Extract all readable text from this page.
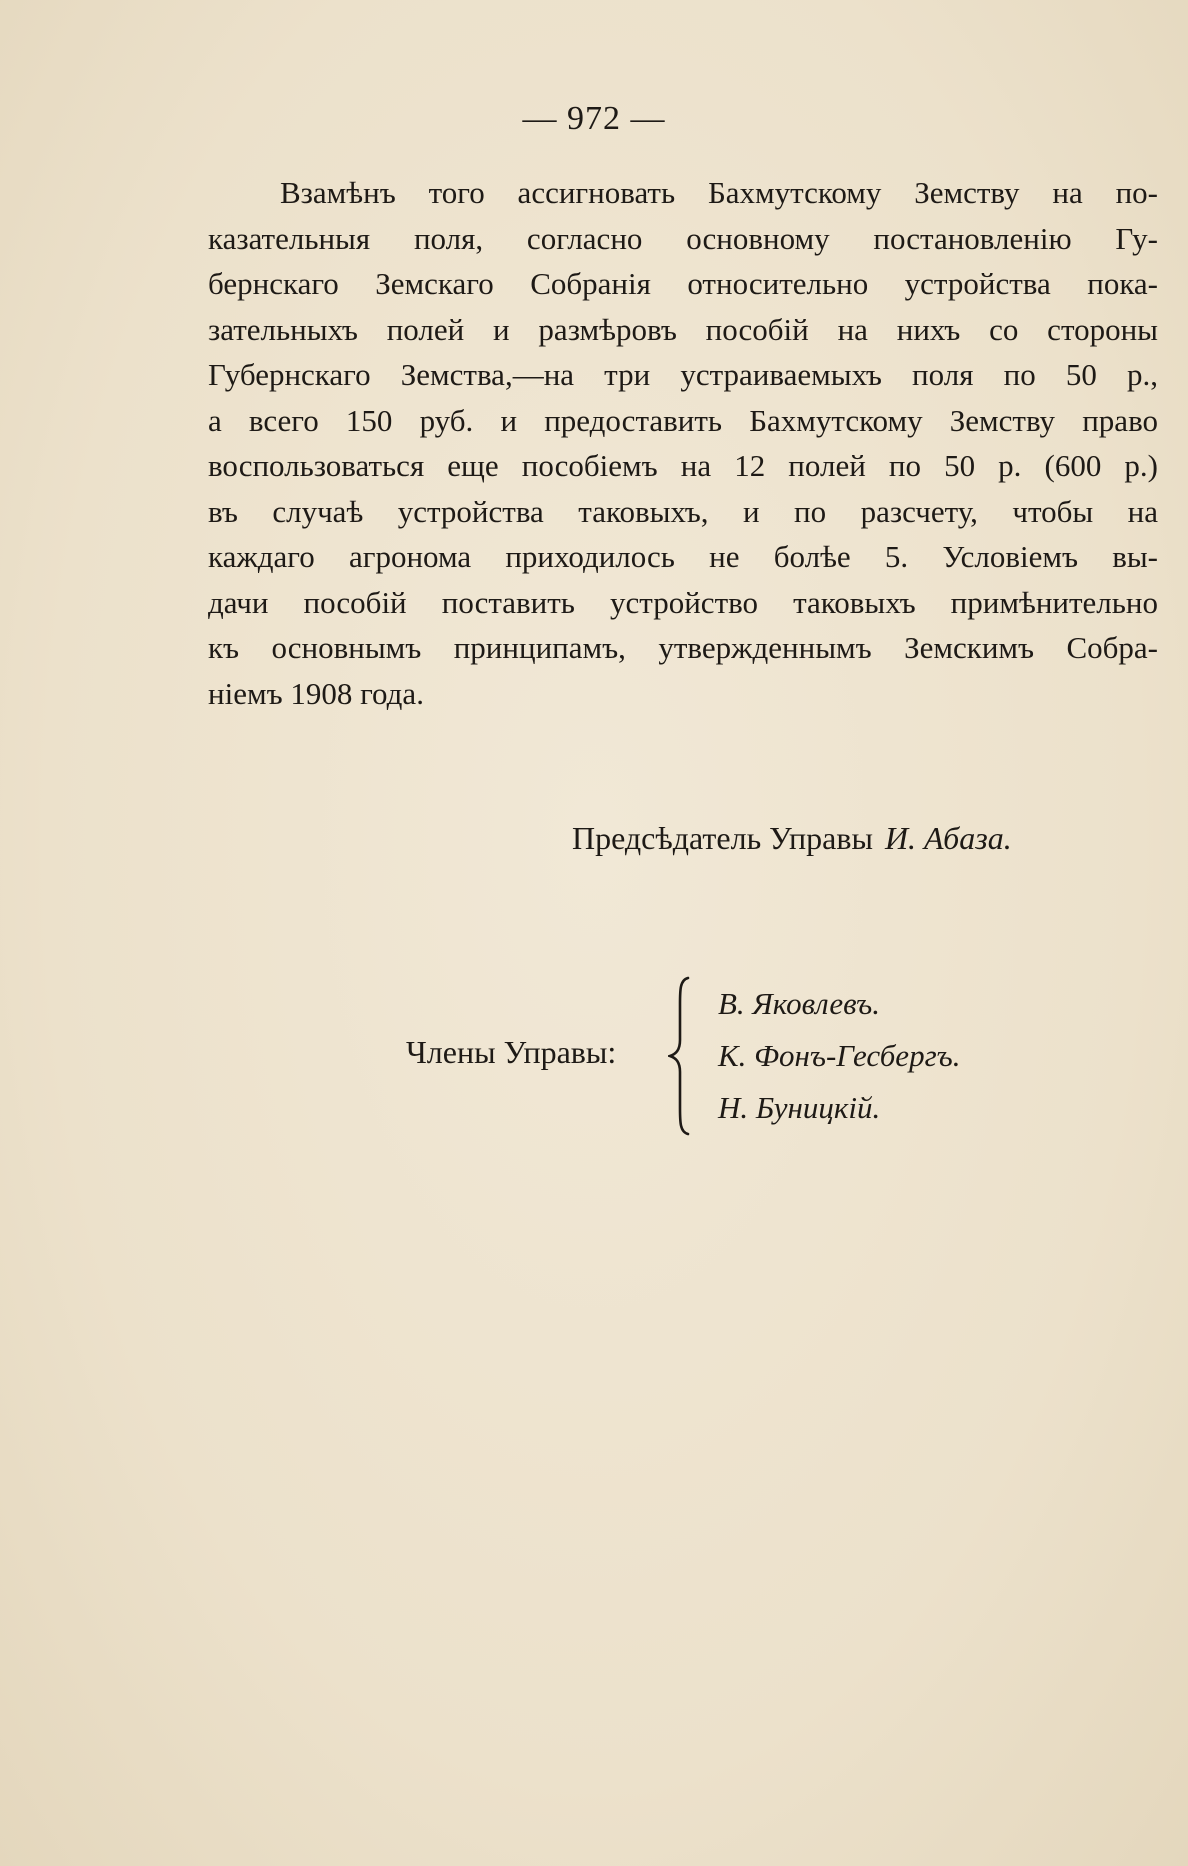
— 972 —
Взамѣнъ того ассигновать Бахмутскому Земству на по-
казательныя поля, согласно основному постановленію Гу-
бернскаго Земскаго Собранія относительно устройства пока-
зательныхъ полей и размѣровъ пособій на нихъ со стороны
Губернскаго Земства,—на три устраиваемыхъ поля по 50 р.,
а всего 150 руб. и предоставить Бахмутскому Земству право
воспользоваться еще пособіемъ на 12 полей по 50 р. (600 р.)
въ случаѣ устройства таковыхъ, и по разсчету, чтобы на
каждаго агронома приходилось не болѣе 5. Условіемъ вы-
дачи пособій поставить устройство таковыхъ примѣнительно
къ основнымъ принципамъ, утвержденнымъ Земскимъ Собра-
ніемъ 1908 года.
Предсѣдатель Управы И. Абаза.
Члены Управы:
В. Яковлевъ.
К. Фонъ-Гесбергъ.
Н. Буницкій.
